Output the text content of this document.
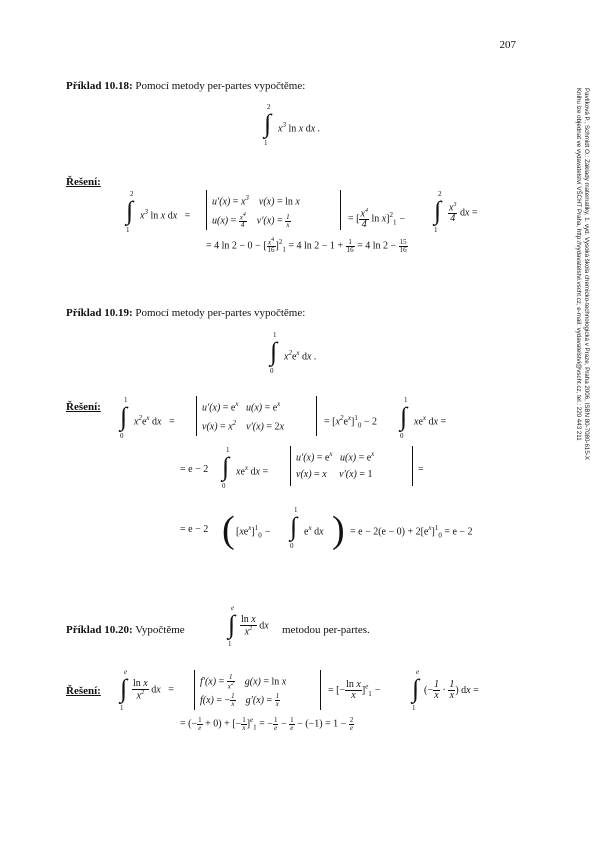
207
Pavlíková P., Schmidt O.: Základy matematiky, 1. vyd. Vysoká škola chemicko-technologická v Praze, Praha 2006, ISBN 80-7080-615-X
Knihu lze objednat ve vydavatelství VŠCHT Praha, http://vydavatelstvi.vscht.cz, e-mail: vydavatelstvi@vscht.cz, tel.: 220 443 211
Příklad 10.18: Pomocí metody per-partes vypočtěme:
2
∫
1
$x^3$ ln x dx .
Řešení:
2
∫
1
$x^3$ ln x dx   =
$u'(x) = x^3$    v(x) = ln x
$u(x) = \frac{x^4}{4} v'(x) = \frac{1}{x}$	= [ $\frac{x^4}{4}$ ln x]$^2_1$ −
2
∫
1
$\frac{x^3}{4}$ dx =
= 4 ln 2 − 0 − [ $\frac{x^4}{16} ]^2_1 = 4$ $\ln 2 - 1 + \frac{1}{16} = 4$ $\ln 2 - \frac{15}{16}$
Příklad 10.19: Pomocí metody per-partes vypočtěme:
1
∫
0
$x^2e^x$ dx .
Řešení:
1
∫
0
$x^2e^x$ dx   =
$u'(x) = e^x$   $u(x) = e^x$
$v(x) = x^2$    v′(x) = 2x	= $[x^2e^x]^1_0 - 2$
1
∫
0
$xe^x$ dx =
= e − 2
1
∫
0
$xe^x$ dx =
$u'(x) = e^x$   $u(x) = e^x$
v(x) = x     v′(x) = 1	=
= e − 2 ( $[xe^x]^1_0$ −
1
∫
0
$e^x$ dx ) = $e - 2(e - 0) + 2[e^x]^1_0 = e - 2$
Příklad 10.20: Vypočtěme
e
∫
1
$\frac{\text{ln x}}{x^2}$ dx metodou per-partes.
Řešení:
e
∫
1
$\frac{\text{ln x}}{x^2}$ dx   =
$f'(x) = \frac{1}{x^2} g(x) = \ln x$
f(x) = − $\frac{1}{x} g'(x) = \frac{1}{x}$
= [− $\frac{\text{ln x}}{x} ]^e_1$ −
e
∫
1
(− $\frac{1}{x} \cdot \frac{1}{x}$ ) dx =
= (− $\frac{1}{e} + 0$) + [− $\frac{1}{x} ]^e_1$ = − $\frac{1}{e} - \frac{1}{e} - (-1) = 1 - \frac{2}{e}$
